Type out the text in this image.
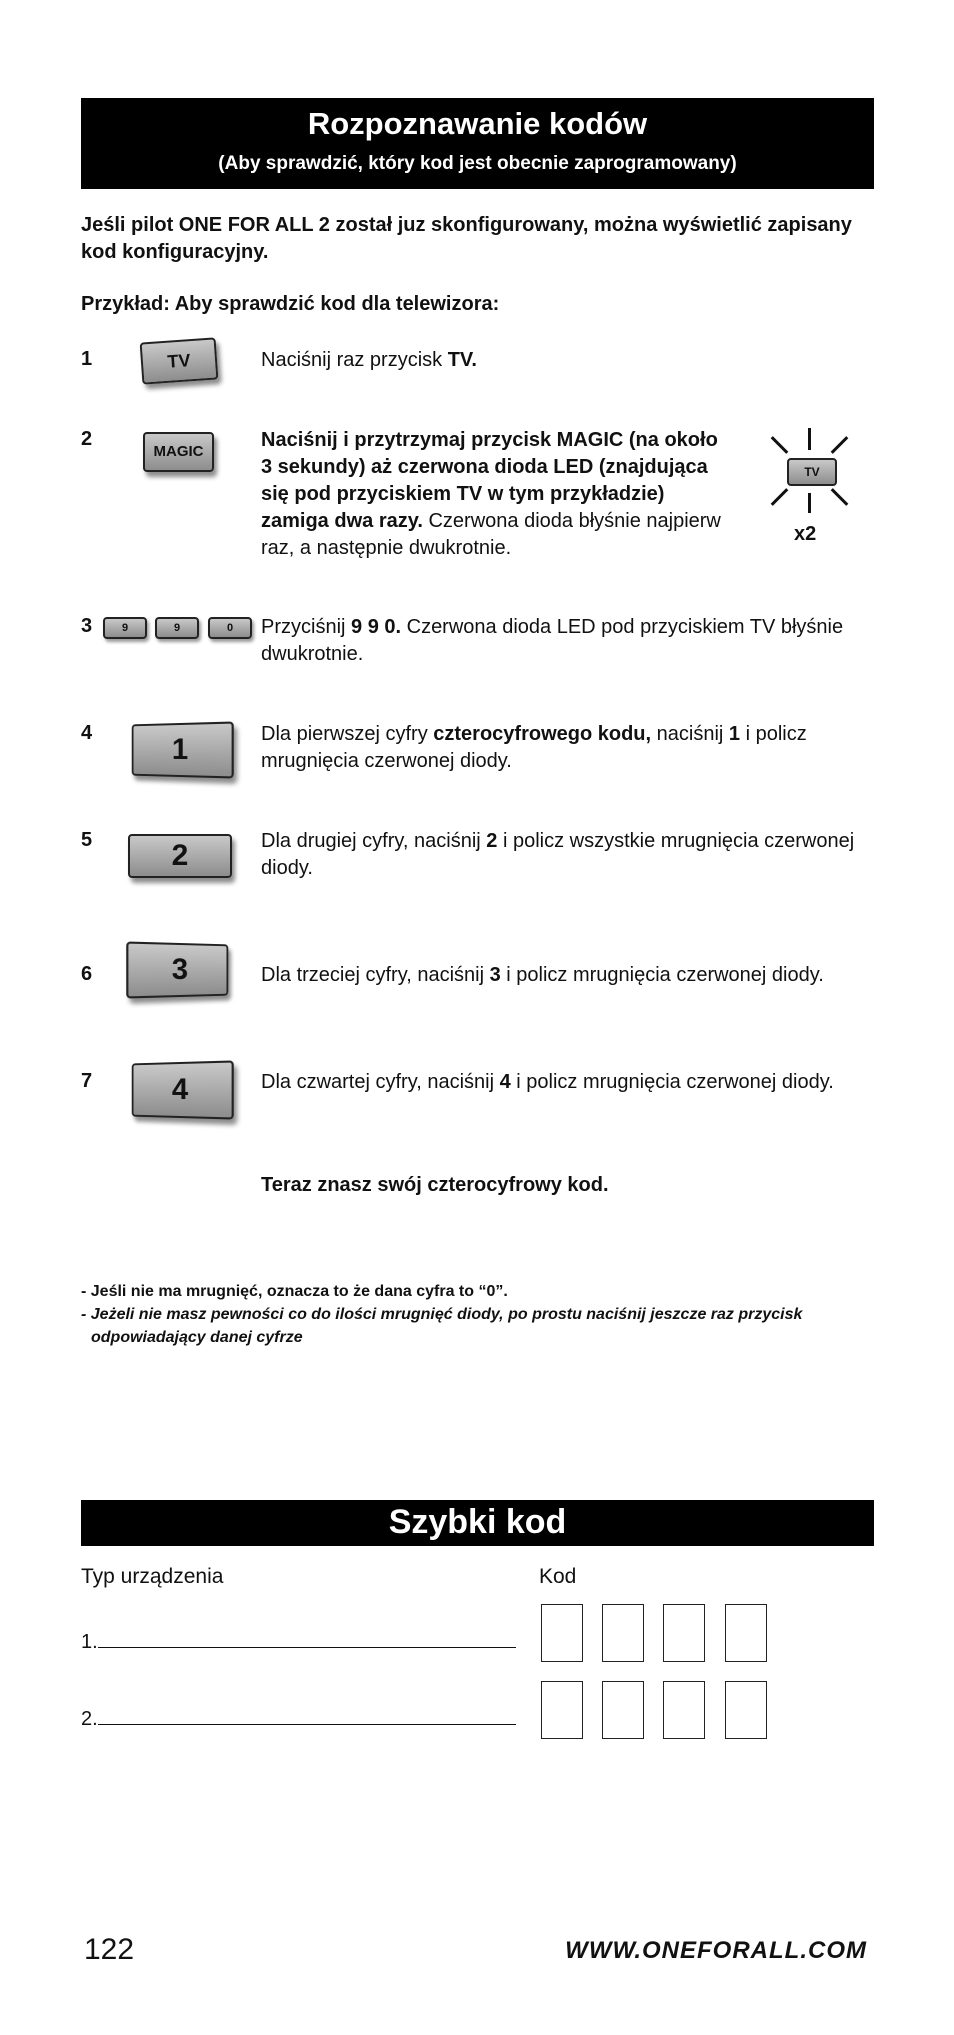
Rozpoznawanie kodów
(Aby sprawdzić, który kod jest obecnie zaprogramowany)
Jeśli pilot ONE FOR ALL 2 został juz skonfigurowany, można wyświetlić zapisany kod konfiguracyjny.
Przykład: Aby sprawdzić kod dla telewizora:
1	TV	Naciśnij raz przycisk TV.
2
MAGIC
Naciśnij i przytrzymaj przycisk MAGIC (na około 3 sekundy) aż czerwona dioda LED (znajdująca się pod przyciskiem TV w tym przykładzie) zamiga dwa razy. Czerwona dioda błyśnie najpierw raz, a następnie dwukrotnie.
TV
x2
3	9	9	0	Przyciśnij 9 9 0. Czerwona dioda LED pod przyciskiem TV błyśnie dwukrotnie.
4	1	Dla pierwszej cyfry czterocyfrowego kodu, naciśnij 1 i policz mrugnięcia czerwonej diody.
5	2	Dla drugiej cyfry, naciśnij 2 i policz wszystkie mrugnięcia czerwonej diody.
6	3	Dla trzeciej cyfry, naciśnij 3 i policz mrugnięcia czerwonej diody.
7	4	Dla czwartej cyfry, naciśnij 4 i policz mrugnięcia czerwonej diody.
Teraz znasz swój czterocyfrowy kod.
- Jeśli nie ma mrugnięć, oznacza to że dana cyfra to “0”.
- Jeżeli nie masz pewności co do ilości mrugnięć diody, po prostu naciśnij jeszcze raz przycisk
odpowiadający danej cyfrze
Szybki kod
Typ urządzenia	Kod
1.
2.
122	WWW.ONEFORALL.COM
